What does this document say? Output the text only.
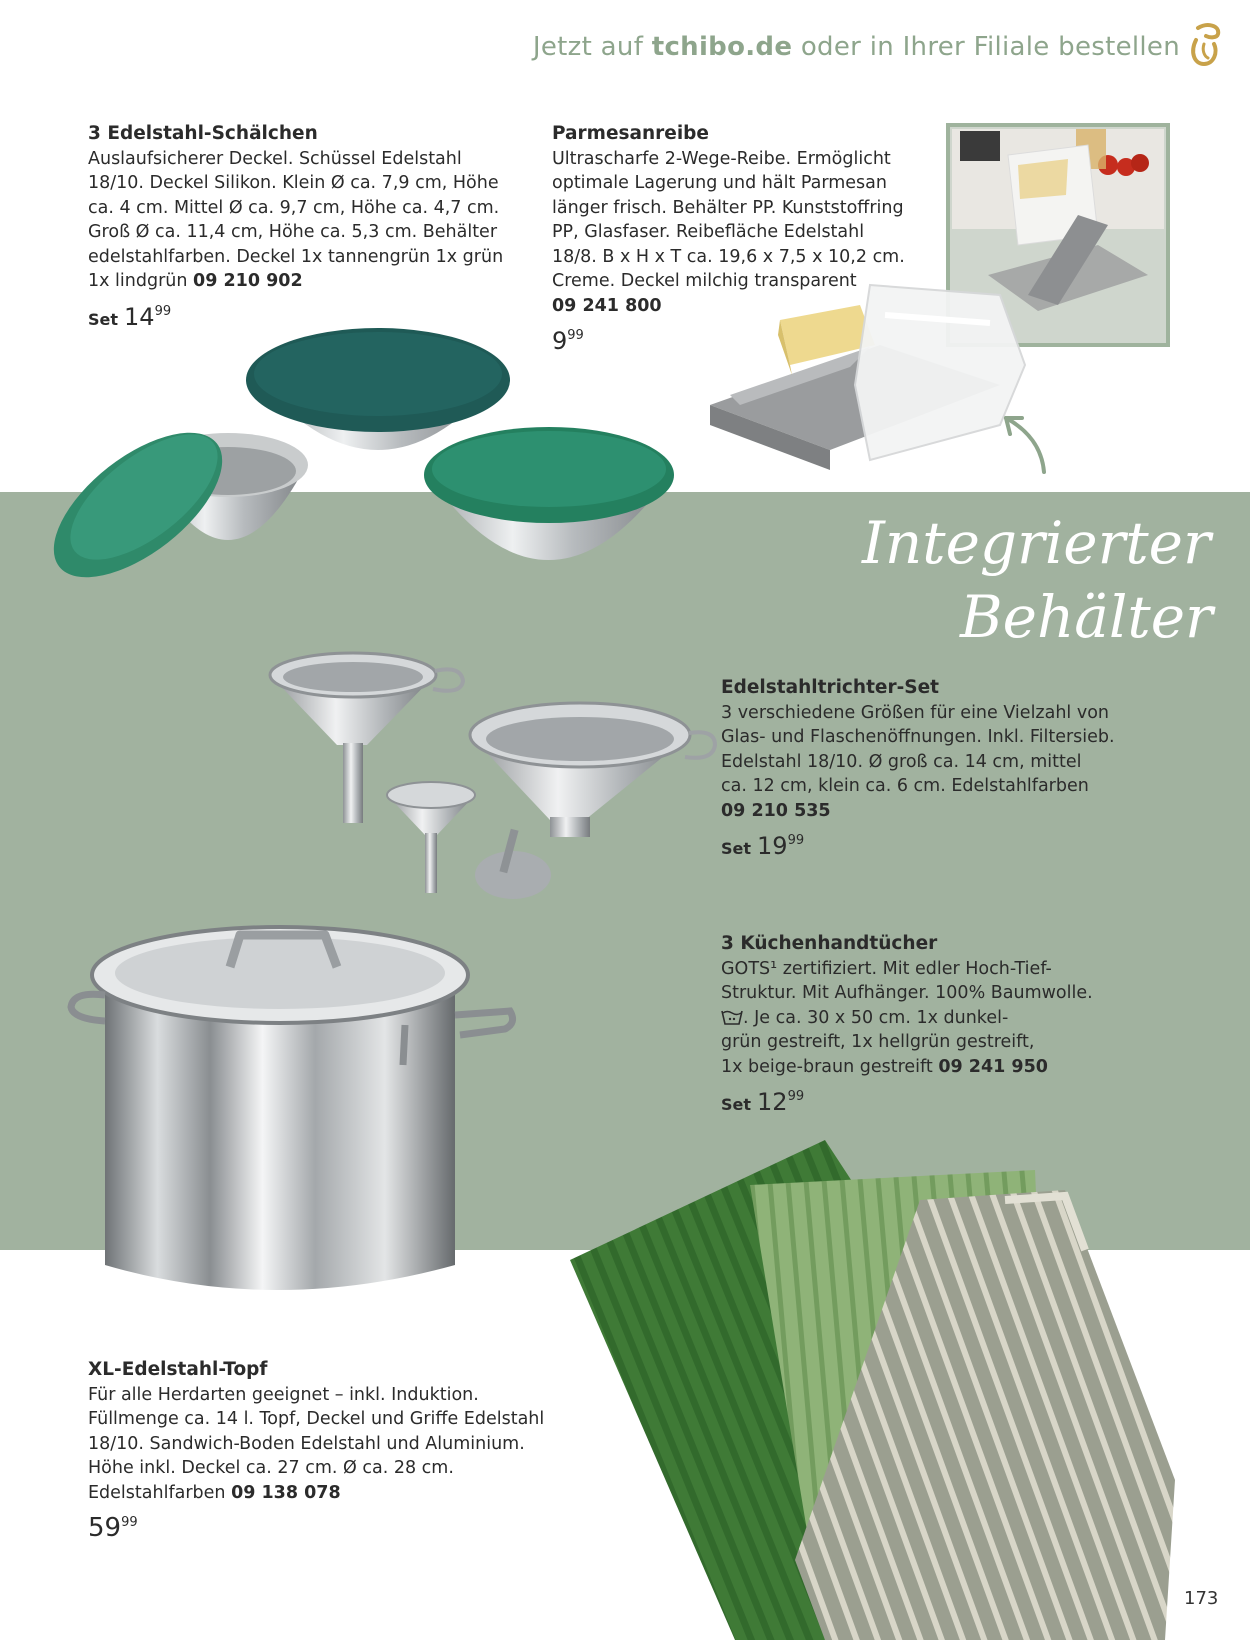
Jetzt auf tchibo.de oder in Ihrer Filiale bestellen
3 Edelstahl-Schälchen
Auslaufsicherer Deckel. Schüssel Edelstahl
18/10. Deckel Silikon. Klein Ø ca. 7,9 cm, Höhe
ca. 4 cm. Mittel Ø ca. 9,7 cm, Höhe ca. 4,7 cm.
Groß Ø ca. 11,4 cm, Höhe ca. 5,3 cm. Behälter
edelstahlfarben. Deckel 1x tannengrün 1x grün
1x lindgrün 09 210 902
Set $14^{99}$
Parmesanreibe
Ultrascharfe 2-Wege-Reibe. Ermöglicht
optimale Lagerung und hält Parmesan
länger frisch. Behälter PP. Kunststoffring
PP, Glasfaser. Reibefläche Edelstahl
18/8. B x H x T ca. 19,6 x 7,5 x 10,2 cm.
Creme. Deckel milchig transparent
09 241 800
$9^{99}$
Integrierter
Behälter
Edelstahltrichter-Set
3 verschiedene Größen für eine Vielzahl von
Glas- und Flaschenöffnungen. Inkl. Filtersieb.
Edelstahl 18/10. Ø groß ca. 14 cm, mittel
ca. 12 cm, klein ca. 6 cm. Edelstahlfarben
09 210 535
Set $19^{99}$
3 Küchenhandtücher
GOTS¹ zertifiziert. Mit edler Hoch-Tief-
Struktur. Mit Aufhänger. 100% Baumwolle.
. Je ca. 30 x 50 cm. 1x dunkel-
grün gestreift, 1x hellgrün gestreift,
1x beige-braun gestreift 09 241 950
Set $12^{99}$
XL-Edelstahl-Topf
Für alle Herdarten geeignet – inkl. Induktion.
Füllmenge ca. 14 l. Topf, Deckel und Griffe Edelstahl
18/10. Sandwich-Boden Edelstahl und Aluminium.
Höhe inkl. Deckel ca. 27 cm. Ø ca. 28 cm.
Edelstahlfarben 09 138 078
$59^{99}$
173
